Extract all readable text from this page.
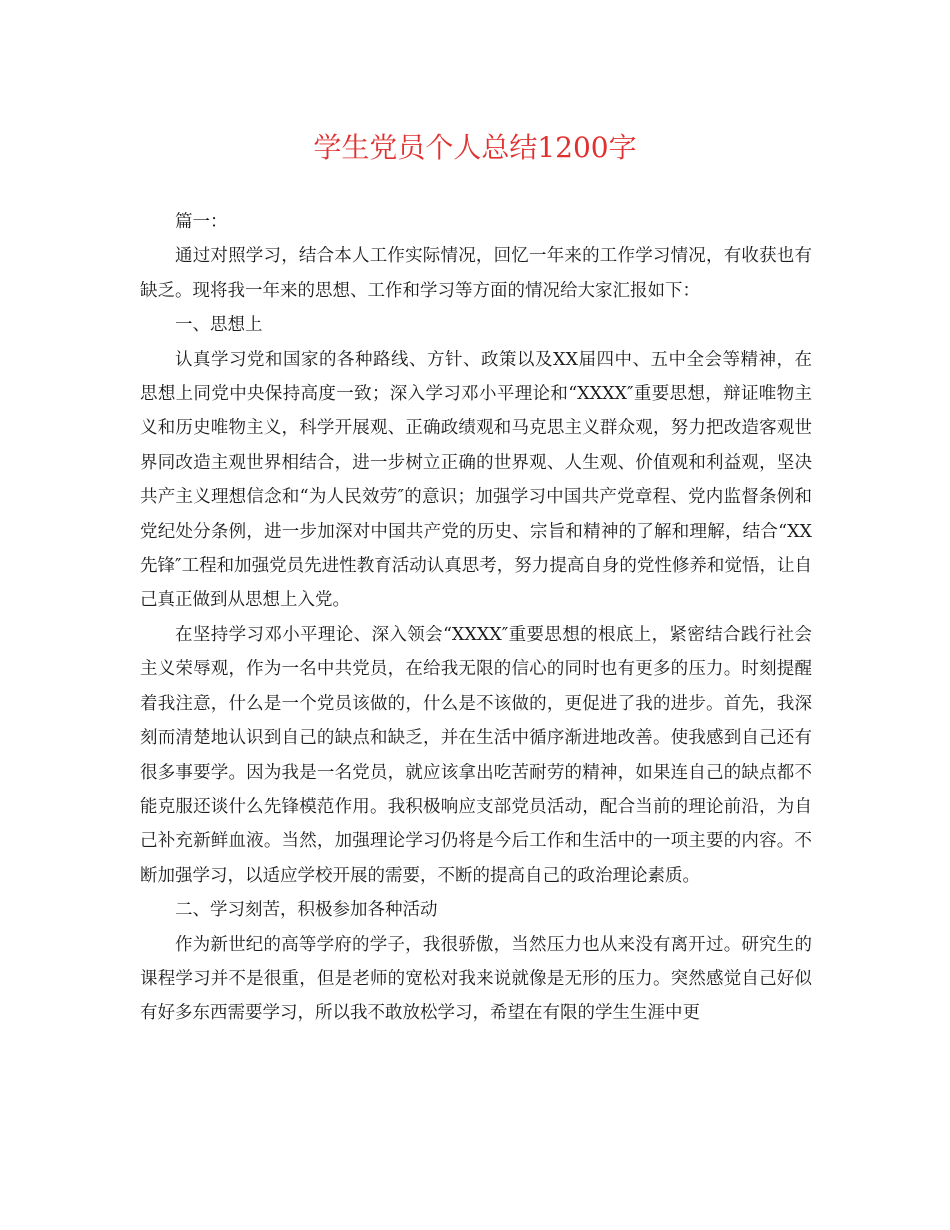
学生党员个人总结1200字

篇一：

通过对照学习，结合本人工作实际情况，回忆一年来的工作学习情况，有收获也有缺乏。现将我一年来的思想、工作和学习等方面的情况给大家汇报如下：

一、思想上

认真学习党和国家的各种路线、方针、政策以及XX届四中、五中全会等精神，在思想上同党中央保持高度一致；深入学习邓小平理论和“XXXX″重要思想，辩证唯物主义和历史唯物主义，科学开展观、正确政绩观和马克思主义群众观，努力把改造客观世界同改造主观世界相结合，进一步树立正确的世界观、人生观、价值观和利益观，坚决共产主义理想信念和“为人民效劳″的意识；加强学习中国共产党章程、党内监督条例和党纪处分条例，进一步加深对中国共产党的历史、宗旨和精神的了解和理解，结合“XX先锋″工程和加强党员先进性教育活动认真思考，努力提高自身的党性修养和觉悟，让自己真正做到从思想上入党。

在坚持学习邓小平理论、深入领会“XXXX″重要思想的根底上，紧密结合践行社会主义荣辱观，作为一名中共党员，在给我无限的信心的同时也有更多的压力。时刻提醒着我注意，什么是一个党员该做的，什么是不该做的，更促进了我的进步。首先，我深刻而清楚地认识到自己的缺点和缺乏，并在生活中循序渐进地改善。使我感到自己还有很多事要学。因为我是一名党员，就应该拿出吃苦耐劳的精神，如果连自己的缺点都不能克服还谈什么先锋模范作用。我积极响应支部党员活动，配合当前的理论前沿，为自己补充新鲜血液。当然，加强理论学习仍将是今后工作和生活中的一项主要的内容。不断加强学习，以适应学校开展的需要，不断的提高自己的政治理论素质。

二、学习刻苦，积极参加各种活动

作为新世纪的高等学府的学子，我很骄傲，当然压力也从来没有离开过。研究生的课程学习并不是很重，但是老师的宽松对我来说就像是无形的压力。突然感觉自己好似有好多东西需要学习，所以我不敢放松学习，希望在有限的学生生涯中更
